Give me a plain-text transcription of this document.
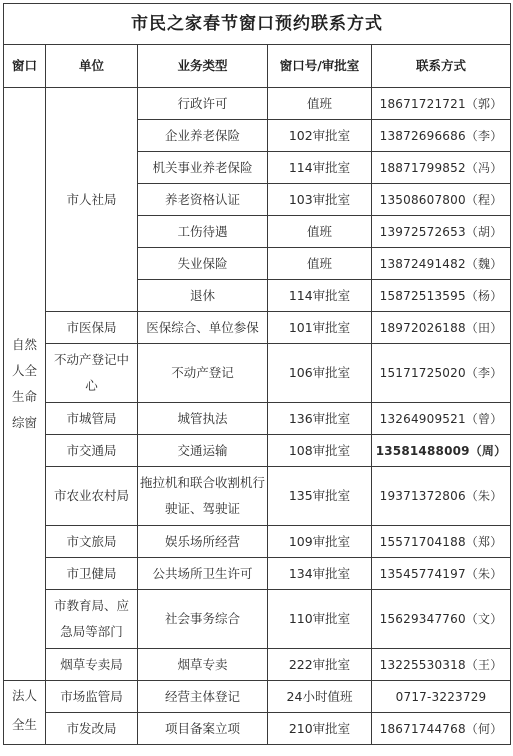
市民之家春节窗口预约联系方式				
窗口	单位	业务类型	窗口号/审批室	联系方式
自然人全生命综窗	市人社局	行政许可	值班	18671721721（郭）
		企业养老保险	102审批室	13872696686（李）
		机关事业养老保险	114审批室	18871799852（冯）
		养老资格认证	103审批室	13508607800（程）
		工伤待遇	值班	13972572653（胡）
		失业保险	值班	13872491482（魏）
		退休	114审批室	15872513595（杨）
	市医保局	医保综合、单位参保	101审批室	18972026188（田）
	不动产登记中心	不动产登记	106审批室	15171725020（李）
	市城管局	城管执法	136审批室	13264909521（曾）
	市交通局	交通运输	108审批室	13581488009（周）
	市农业农村局	拖拉机和联合收割机行驶证、驾驶证	135审批室	19371372806（朱）
	市文旅局	娱乐场所经营	109审批室	15571704188（郑）
	市卫健局	公共场所卫生许可	134审批室	13545774197（朱）
	市教育局、应急局等部门	社会事务综合	110审批室	15629347760（文）
	烟草专卖局	烟草专卖	222审批室	13225530318（王）
法人全生	市场监管局	经营主体登记	24小时值班	0717-3223729
	市发改局	项目备案立项	210审批室	18671744768（何）
